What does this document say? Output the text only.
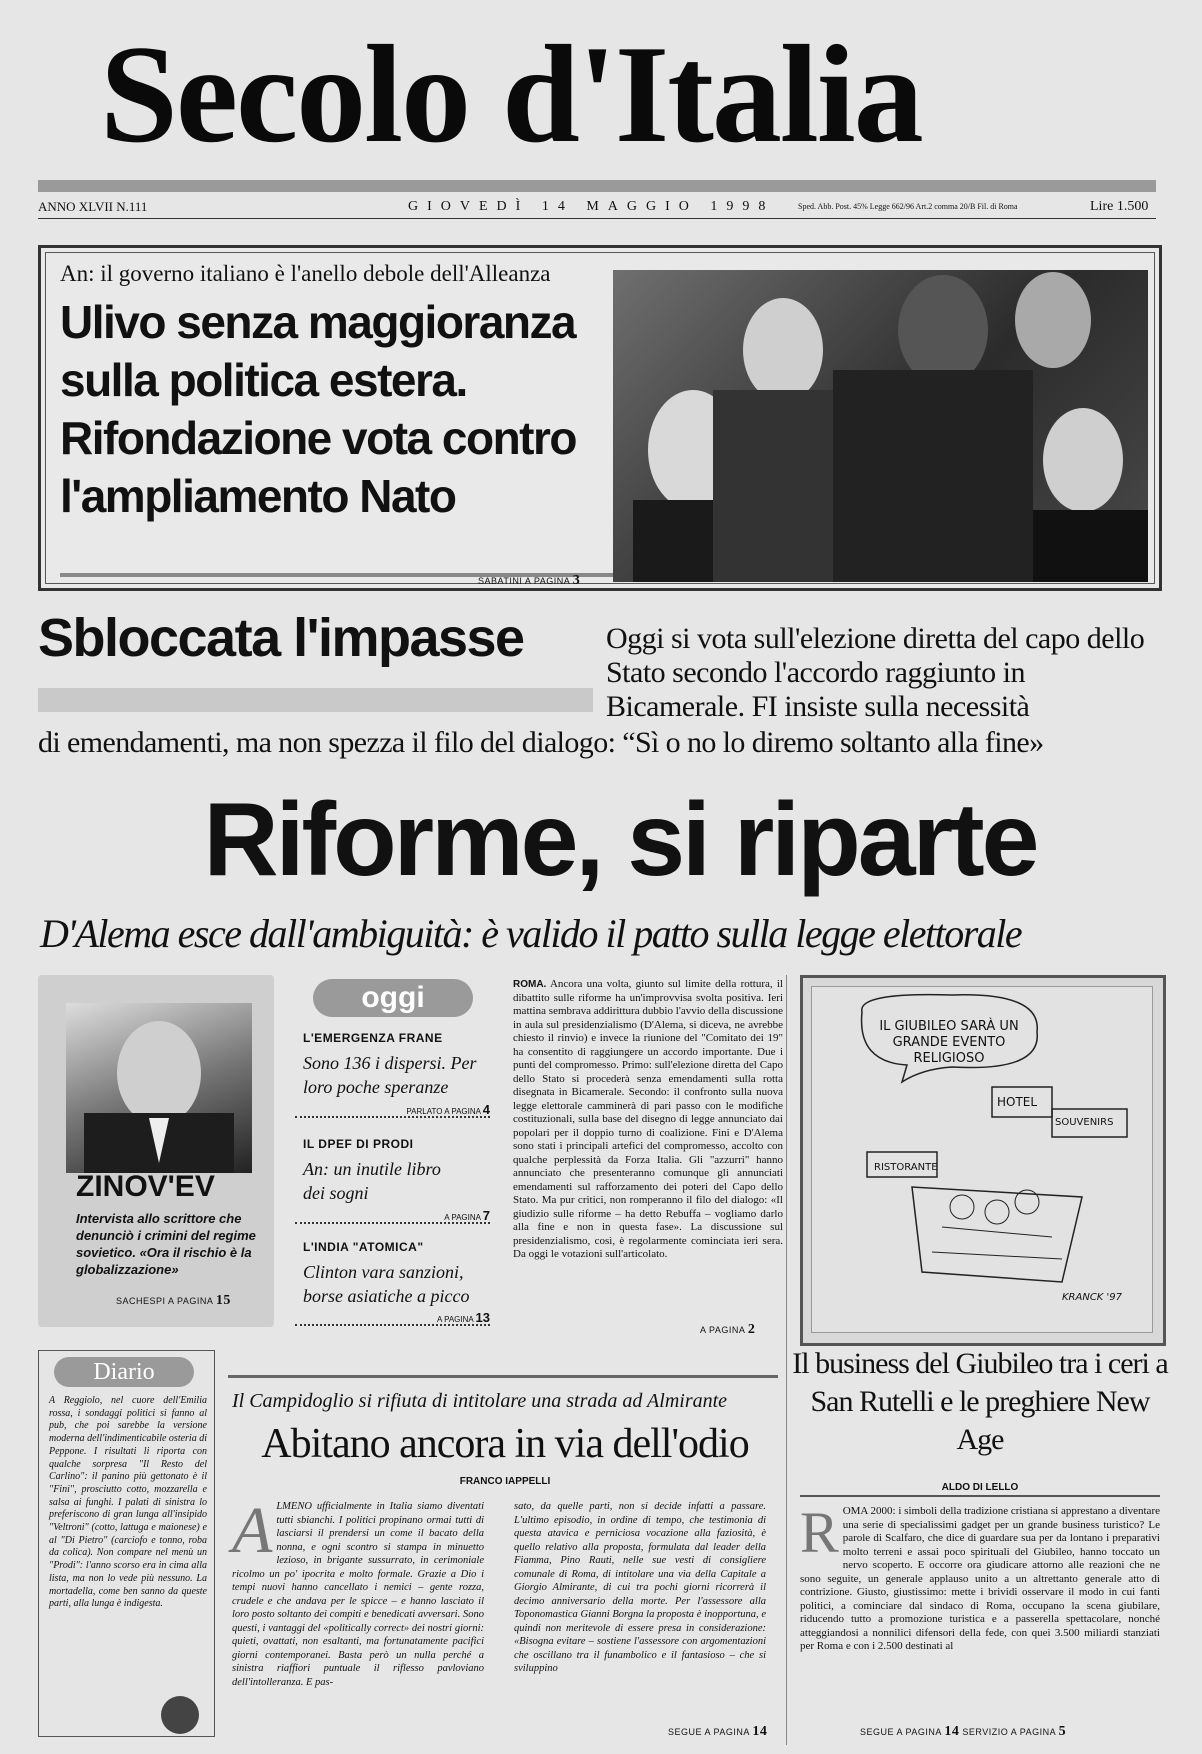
Secolo d'Italia
ANNO XLVII N.111	GIOVEDÌ 14 MAGGIO 1998	Sped. Abb. Post. 45% Legge 662/96 Art.2 comma 20/B Fil. di Roma	Lire 1.500
An: il governo italiano è l'anello debole dell'Alleanza
Ulivo senza maggioranza
sulla politica estera.
Rifondazione vota contro
l'ampliamento Nato
SABATINI A PAGINA 3
Sbloccata l'impasse	Oggi si vota sull'elezione diretta del capo dello Stato secondo l'accordo raggiunto in Bicamerale. FI insiste sulla necessità
di emendamenti, ma non spezza il filo del dialogo: “Sì o no lo diremo soltanto alla fine»
Riforme, si riparte
D'Alema esce dall'ambiguità: è valido il patto sulla legge elettorale
ZINOV'EV
Intervista allo scrittore che denunciò i crimini del regime sovietico. «Ora il rischio è la globalizzazione»
SACHESPI A PAGINA 15
oggi
L'EMERGENZA FRANE
Sono 136 i dispersi. Per loro poche speranze
PARLATO A PAGINA 4
IL DPEF DI PRODI
An: un inutile libro dei sogni
A PAGINA 7
L'INDIA "ATOMICA"
Clinton vara sanzioni, borse asiatiche a picco
A PAGINA 13
ROMA. Ancora una volta, giunto sul limite della rottura, il dibattito sulle riforme ha un'improvvisa svolta positiva. Ieri mattina sembrava addirittura dubbio l'avvio della discussione in aula sul presidenzialismo (D'Alema, si diceva, ne avrebbe chiesto il rinvio) e invece la riunione del "Comitato dei 19" ha consentito di raggiungere un accordo importante. Due i punti del compromesso. Primo: sull'elezione diretta del Capo dello Stato si procederà senza emendamenti sulla rotta disegnata in Bicamerale. Secondo: il confronto sulla nuova legge elettorale camminerà di pari passo con le modifiche costituzionali, sulla base del disegno di legge annunciato dai popolari per il doppio turno di coalizione. Fini e D'Alema sono stati i principali artefici del compromesso, accolto con qualche perplessità da Forza Italia. Gli "azzurri" hanno annunciato che presenteranno comunque gli annunciati emendamenti sul rafforzamento dei poteri del Capo dello Stato. Ma pur critici, non romperanno il filo del dialogo: «Il giudizio sulle riforme – ha detto Rebuffa – vogliamo darlo alla fine e non in questa fase». La discussione sul presidenzialismo, così, è regolarmente cominciata ieri sera. Da oggi le votazioni sull'articolato.
A PAGINA 2
IL GIUBILEO SARÀ UN GRANDE EVENTO RELIGIOSO
HOTEL
SOUVENIRS
RISTORANTE
KRANCK '97
Il business del Giubileo tra i ceri a San Rutelli e le preghiere New Age
ALDO DI LELLO
R OMA 2000: i simboli della tradizione cristiana si apprestano a diventare una serie di specialissimi gadget per un grande business turistico? Le parole di Scalfaro, che dice di guardare sua per da lontano i preparativi molto terreni e assai poco spirituali del Giubileo, hanno toccato un nervo scoperto. E occorre ora giudicare attorno alle reazioni che ne sono seguite, un generale applauso unito a un altrettanto generale atto di contrizione. Giusto, giustissimo: mette i brividi osservare il modo in cui fanti politici, a cominciare dal sindaco di Roma, occupano la scena giubilare, riducendo tutto a promozione turistica e a passerella spettacolare, nonché atteggiandosi a nonnilici difensori della fede, con quei 3.500 miliardi stanziati per Roma e con i 2.500 destinati al
SEGUE A PAGINA 14 SERVIZIO A PAGINA 5
Diario
A Reggiolo, nel cuore dell'Emilia rossa, i sondaggi politici si fanno al pub, che poi sarebbe la versione moderna dell'indimenticabile osteria di Peppone. I risultati li riporta con qualche sorpresa "Il Resto del Carlino": il panino più gettonato è il "Fini", prosciutto cotto, mozzarella e salsa ai funghi. I palati di sinistra lo preferiscono di gran lunga all'insipido "Veltroni" (cotto, lattuga e maionese) e al "Di Pietro" (carciofo e tonno, roba da colica). Non compare nel menù un "Prodi": l'anno scorso era in cima alla lista, ma non lo vede più nessuno. La mortadella, come ben sanno da queste parti, alla lunga è indigesta.
Il Campidoglio si rifiuta di intitolare una strada ad Almirante
Abitano ancora in via dell'odio
FRANCO IAPPELLI
A LMENO ufficialmente in Italia siamo diventati tutti sbianchi. I politici propinano ormai tutti di lasciarsi il prendersi un come il bacato della nonna, e ogni scontro si stampa in minuetto lezioso, in brigante sussurrato, in cerimoniale ricolmo un po' ipocrita e molto formale. Grazie a Dio i tempi nuovi hanno cancellato i nemici – gente rozza, crudele e che andava per le spicce – e hanno lasciato il loro posto soltanto dei compiti e benedicati avversari. Sono questi, i vantaggi del «politically correct» dei nostri giorni: quieti, ovattati, non esaltanti, ma fortunatamente pacifici giorni contemporanei. Basta però un nulla perché a sinistra riaffiori puntuale il riflesso pavloviano dell'intolleranza. E pas-
sato, da quelle parti, non si decide infatti a passare. L'ultimo episodio, in ordine di tempo, che testimonia di questa atavica e perniciosa vocazione alla faziosità, è quello relativo alla proposta, formulata dal leader della Fiamma, Pino Rauti, nelle sue vesti di consigliere comunale di Roma, di intitolare una via della Capitale a Giorgio Almirante, di cui tra pochi giorni ricorrerà il decimo anniversario della morte. Per l'assessore alla Toponomastica Gianni Borgna la proposta è inopportuna, e quindi non meritevole di essere presa in considerazione: «Bisogna evitare – sostiene l'assessore con argomentazioni che oscillano tra il funambolico e il fantasioso – che si sviluppino
SEGUE A PAGINA 14
